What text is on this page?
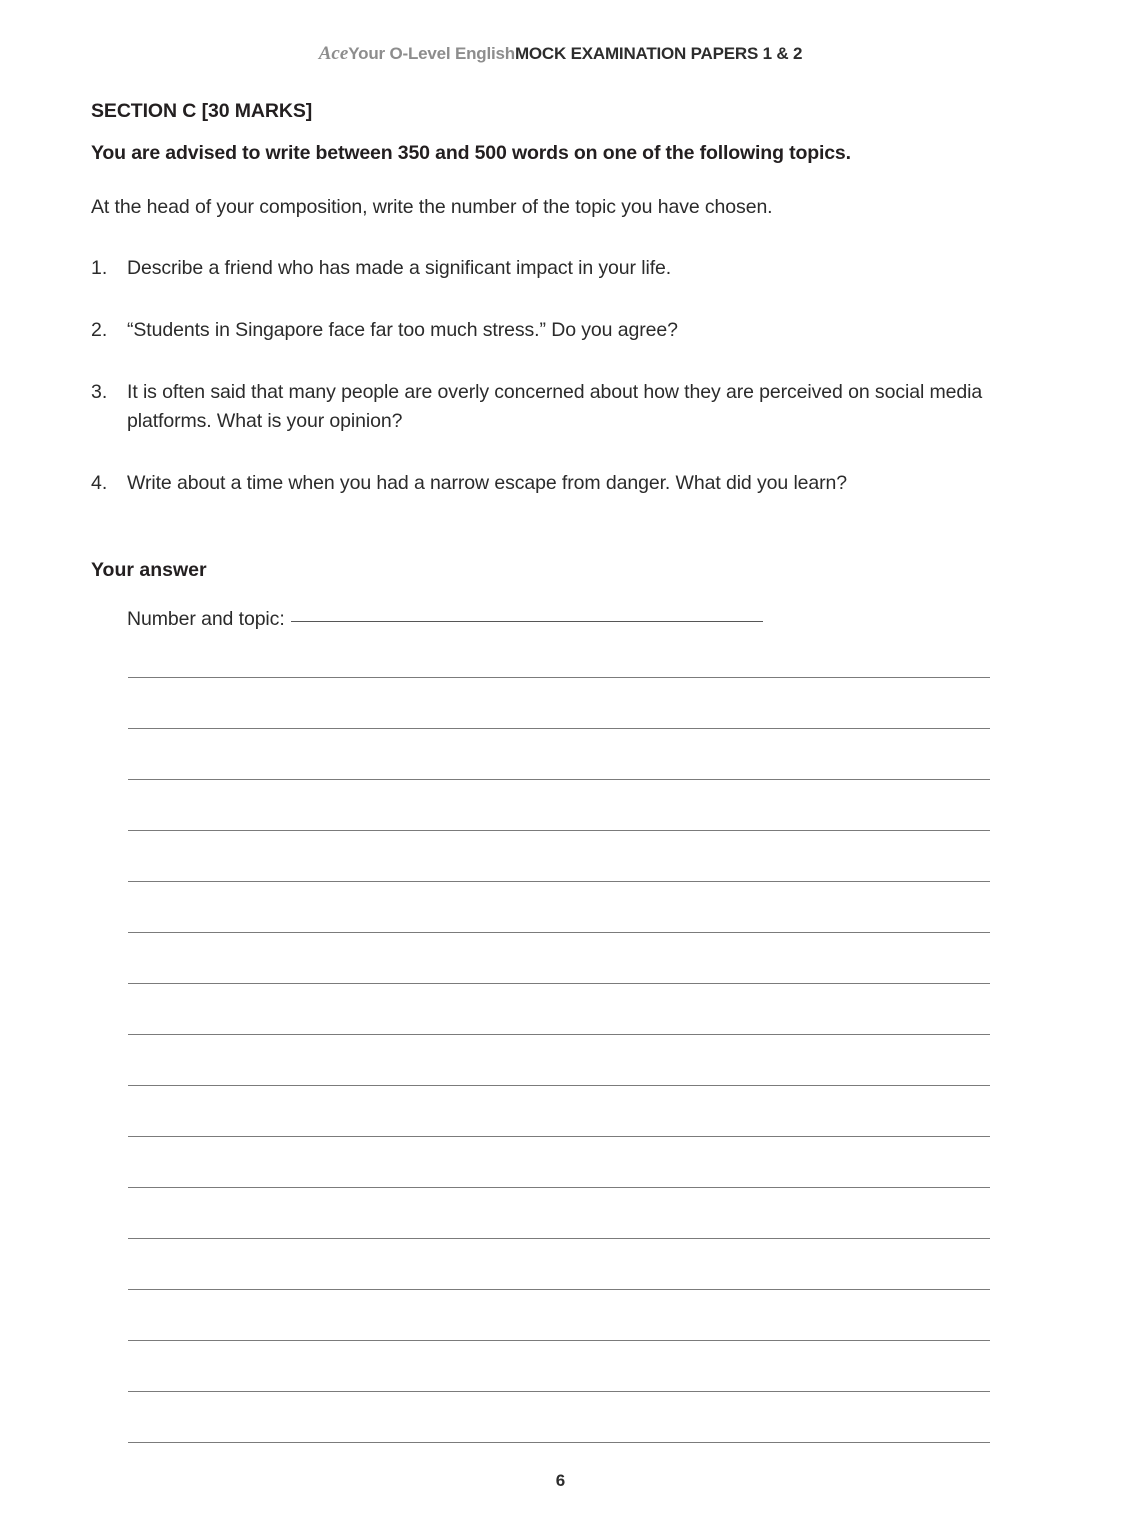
AceYour O-Level EnglishMOCK EXAMINATION PAPERS 1 & 2
SECTION C [30 MARKS]
You are advised to write between 350 and 500 words on one of the following topics.
At the head of your composition, write the number of the topic you have chosen.
1.	Describe a friend who has made a significant impact in your life.
2.	“Students in Singapore face far too much stress.” Do you agree?
3.	It is often said that many people are overly concerned about how they are perceived on social media platforms. What is your opinion?
4.	Write about a time when you had a narrow escape from danger. What did you learn?
Your answer
Number and topic:
6
